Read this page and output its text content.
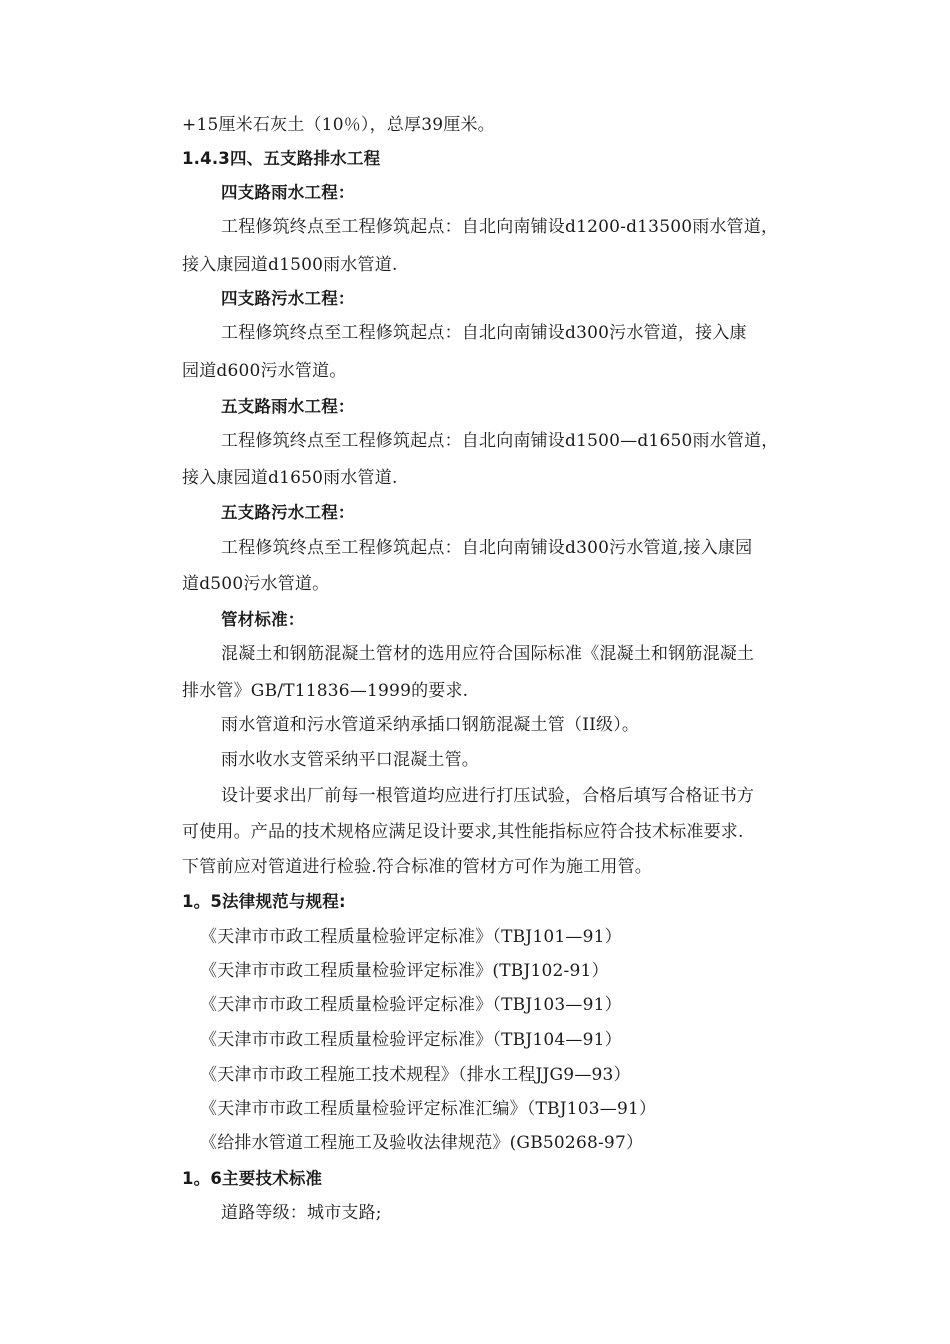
+15厘米石灰土（10％），总厚39厘米。
1.4.3四、五支路排水工程
四支路雨水工程：
工程修筑终点至工程修筑起点：自北向南铺设d1200-d13500雨水管道，
接入康园道d1500雨水管道.
四支路污水工程：
工程修筑终点至工程修筑起点：自北向南铺设d300污水管道，接入康
园道d600污水管道。
五支路雨水工程：
工程修筑终点至工程修筑起点：自北向南铺设d1500—d1650雨水管道，
接入康园道d1650雨水管道.
五支路污水工程：
工程修筑终点至工程修筑起点：自北向南铺设d300污水管道,接入康园
道d500污水管道。
管材标准：
混凝土和钢筋混凝土管材的选用应符合国际标准《混凝土和钢筋混凝土
排水管》GB/T11836—1999的要求.
雨水管道和污水管道采纳承插口钢筋混凝土管（II级）。
雨水收水支管采纳平口混凝土管。
设计要求出厂前每一根管道均应进行打压试验，合格后填写合格证书方
可使用。产品的技术规格应满足设计要求,其性能指标应符合技术标准要求.
下管前应对管道进行检验.符合标准的管材方可作为施工用管。
1。5法律规范与规程:
《天津市市政工程质量检验评定标准》（TBJ101—91）
《天津市市政工程质量检验评定标准》(TBJ102-91）
《天津市市政工程质量检验评定标准》（TBJ103—91）
《天津市市政工程质量检验评定标准》（TBJ104—91）
《天津市市政工程施工技术规程》（排水工程JJG9—93）
《天津市市政工程质量检验评定标准汇编》（TBJ103—91）
《给排水管道工程施工及验收法律规范》(GB50268-97）
1。6主要技术标准
道路等级：城市支路;
